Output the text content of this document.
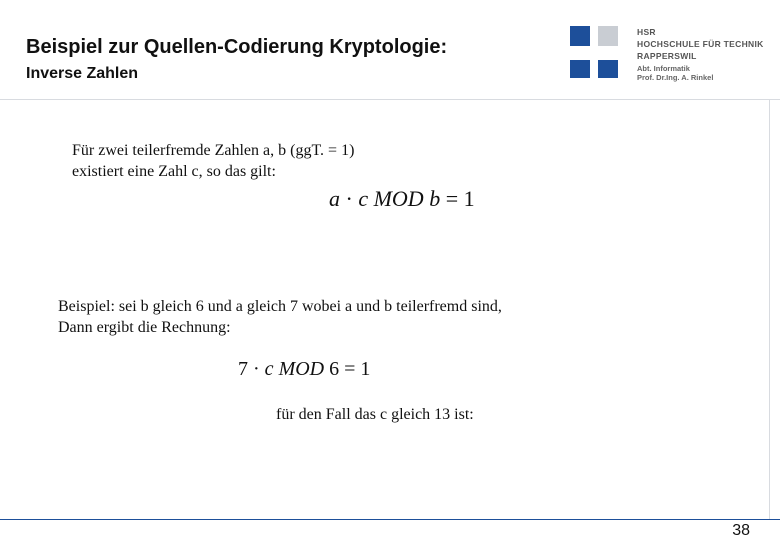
Beispiel zur Quellen-Codierung Kryptologie:
Inverse Zahlen
HSR
HOCHSCHULE FÜR TECHNIK
RAPPERSWIL
Abt. Informatik
Prof. Dr.Ing. A. Rinkel

Für zwei teilerfremde Zahlen a, b (ggT. = 1)

existiert eine Zahl c, so das gilt:

a · c MOD b = 1

Beispiel: sei b gleich 6 und a gleich 7 wobei a und b teilerfremd sind,

Dann ergibt die Rechnung:

7 · c MOD 6 = 1

für den Fall das c gleich 13 ist:

38
